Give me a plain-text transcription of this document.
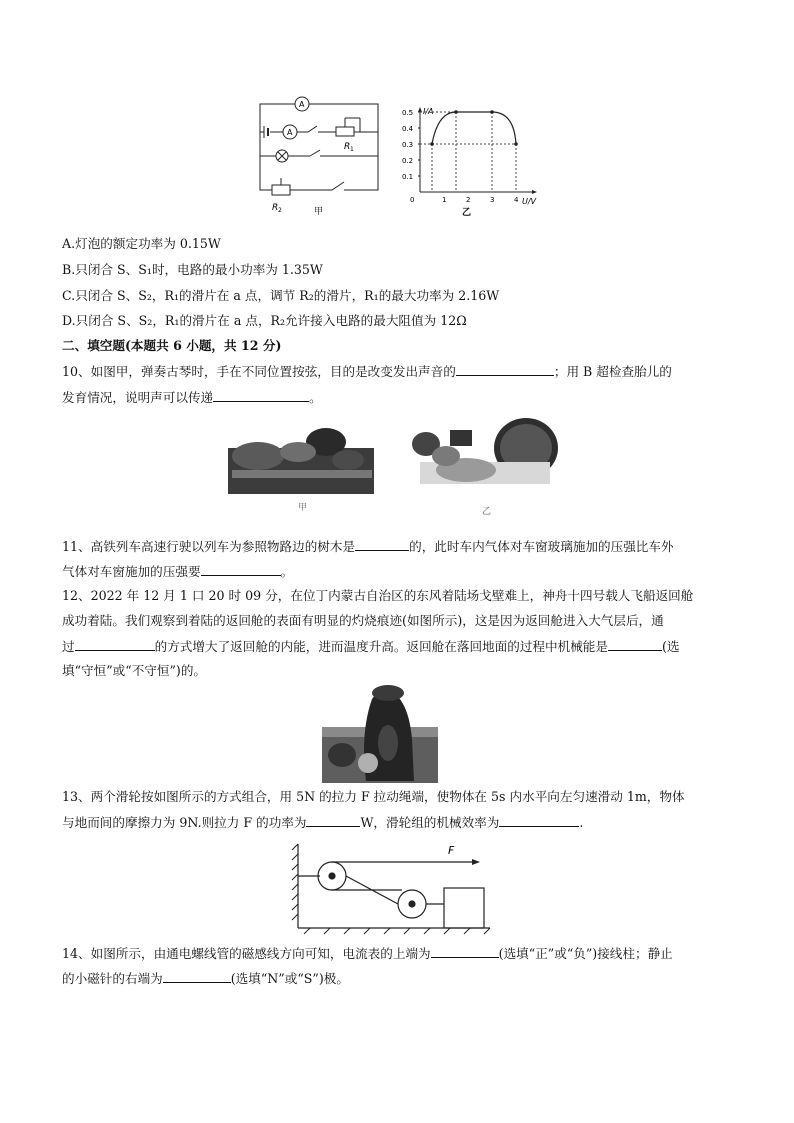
A
A
R 1
R 2	甲
I/A
U/V
乙
0.5
0.4
0.3
0.2
0.1
0	1	2	3	4
A.灯泡的额定功率为 0.15W
B.只闭合 S、S₁时，电路的最小功率为 1.35W
C.只闭合 S、S₂，R₁的滑片在 a 点，调节 R₂的滑片，R₁的最大功率为 2.16W
D.只闭合 S、S₂，R₁的滑片在 a 点，R₂允许接入电路的最大阻值为 12Ω
二、填空题(本题共 6 小题，共 12 分)
10、如图甲，弹奏古琴时，手在不同位置按弦，目的是改变发出声音的	；用 B 超检查胎儿的
发育情况，说明声可以传递	。
甲	乙
11、高铁列车高速行驶以列车为参照物路边的树木是	的，此时车内气体对车窗玻璃施加的压强比车外
气体对车窗施加的压强要	。
12、2022 年 12 月 1 口 20 时 09 分，在位丁内蒙古自治区的东风着陆场戈壁难上，神舟十四号载人飞船返回舱
成功着陆。我们观察到着陆的返回舱的表面有明显的灼烧痕迹(如图所示)，这是因为返回舱进入大气层后，通
过	的方式增大了返回舱的内能，进而温度升高。返回舱在落回地面的过程中机械能是	(选
填“守恒”或“不守恒”)的。
13、两个滑轮按如图所示的方式组合，用 5N 的拉力 F 拉动绳端，使物体在 5s 内水平向左匀速滑动 1m，物体
与地而间的摩擦力为 9N.则拉力 F 的功率为	W，滑轮组的机械效率为	.
F
14、如图所示，由通电螺线管的磁感线方向可知，电流表的上端为	(选填“正”或“负”)接线柱；静止
的小磁针的右端为	(选填“N”或“S”)极。
